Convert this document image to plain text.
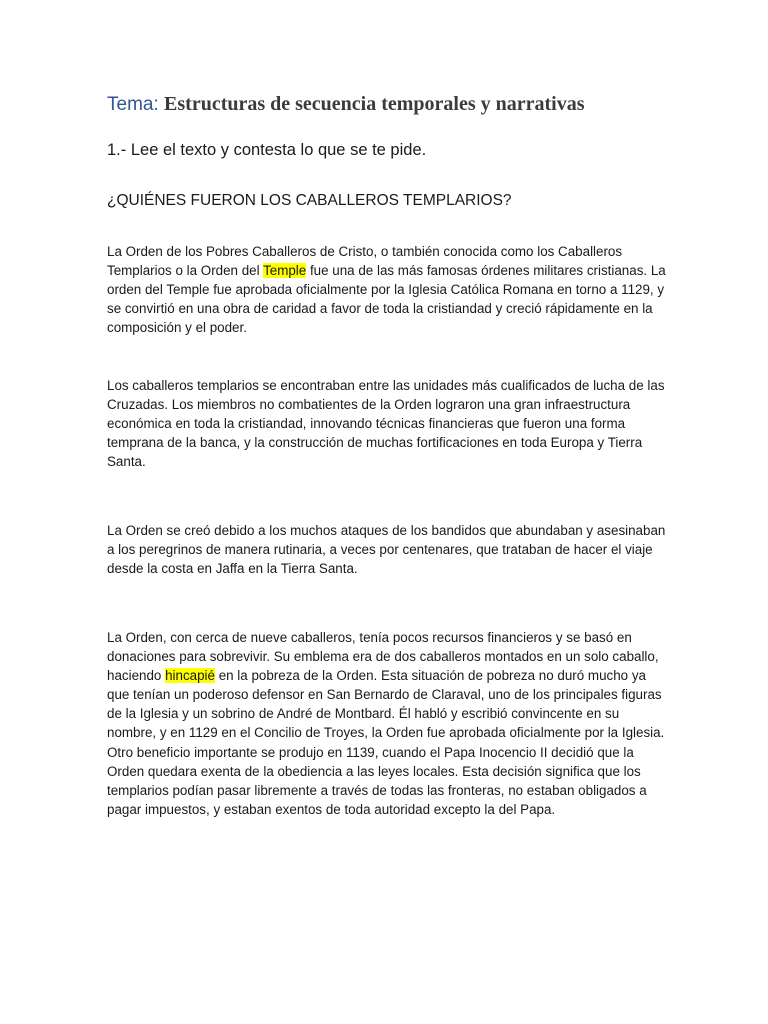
Tema: Estructuras de secuencia temporales y narrativas

1.- Lee el texto y contesta lo que se te pide.

¿QUIÉNES FUERON LOS CABALLEROS TEMPLARIOS?

La Orden de los Pobres Caballeros de Cristo, o también conocida como los Caballeros Templarios o la Orden del Temple fue una de las más famosas órdenes militares cristianas. La orden del Temple fue aprobada oficialmente por la Iglesia Católica Romana en torno a 1129, y se convirtió en una obra de caridad a favor de toda la cristiandad y creció rápidamente en la composición y el poder.

Los caballeros templarios se encontraban entre las unidades más cualificados de lucha de las Cruzadas. Los miembros no combatientes de la Orden lograron una gran infraestructura económica en toda la cristiandad, innovando técnicas financieras que fueron una forma temprana de la banca, y la construcción de muchas fortificaciones en toda Europa y Tierra Santa.

La Orden se creó debido a los muchos ataques de los bandidos que abundaban y asesinaban a los peregrinos de manera rutinaria, a veces por centenares, que trataban de hacer el viaje desde la costa en Jaffa en la Tierra Santa.

La Orden, con cerca de nueve caballeros, tenía pocos recursos financieros y se basó en donaciones para sobrevivir. Su emblema era de dos caballeros montados en un solo caballo, haciendo hincapié en la pobreza de la Orden. Esta situación de pobreza no duró mucho ya que tenían un poderoso defensor en San Bernardo de Claraval, uno de los principales figuras de la Iglesia y un sobrino de André de Montbard. Él habló y escribió convincente en su nombre, y en 1129 en el Concilio de Troyes, la Orden fue aprobada oficialmente por la Iglesia. Otro beneficio importante se produjo en 1139, cuando el Papa Inocencio II decidió que la Orden quedara exenta de la obediencia a las leyes locales. Esta decisión significa que los templarios podían pasar libremente a través de todas las fronteras, no estaban obligados a pagar impuestos, y estaban exentos de toda autoridad excepto la del Papa.
